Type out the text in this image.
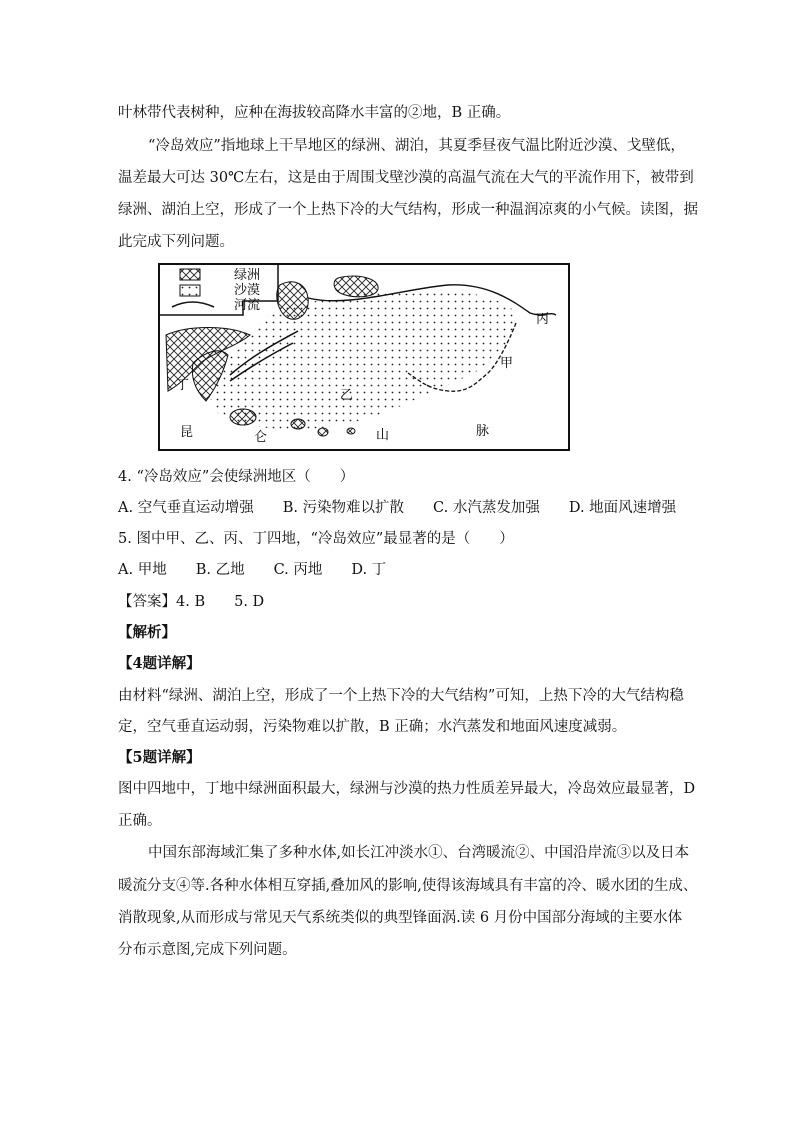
叶林带代表树种，应种在海拔较高降水丰富的②地，B 正确。
“冷岛效应”指地球上干旱地区的绿洲、湖泊，其夏季昼夜气温比附近沙漠、戈壁低，
温差最大可达 30℃左右，这是由于周围戈壁沙漠的高温气流在大气的平流作用下，被带到
绿洲、湖泊上空，形成了一个上热下冷的大气结构，形成一种温润凉爽的小气候。读图，据
此完成下列问题。
绿洲
沙漠
河流
丙
甲
乙
丁
昆	仑	山	脉
4. “冷岛效应”会使绿洲地区（　　）
A. 空气垂直运动增强　　B. 污染物难以扩散　　C. 水汽蒸发加强　　D. 地面风速增强
5. 图中甲、乙、丙、丁四地，“冷岛效应”最显著的是（　　）
A. 甲地　　B. 乙地　　C. 丙地　　D. 丁
【答案】4. B　　5. D
【解析】
【4题详解】
由材料“绿洲、湖泊上空，形成了一个上热下冷的大气结构”可知，上热下冷的大气结构稳
定，空气垂直运动弱，污染物难以扩散，B 正确；水汽蒸发和地面风速度减弱。
【5题详解】
图中四地中，丁地中绿洲面积最大，绿洲与沙漠的热力性质差异最大，冷岛效应最显著，D
正确。
中国东部海域汇集了多种水体,如长江冲淡水①、台湾暖流②、中国沿岸流③以及日本
暖流分支④等.各种水体相互穿插,叠加风的影响,使得该海域具有丰富的冷、暖水团的生成、
消散现象,从而形成与常见天气系统类似的典型锋面涡.读 6 月份中国部分海域的主要水体
分布示意图,完成下列问题。
